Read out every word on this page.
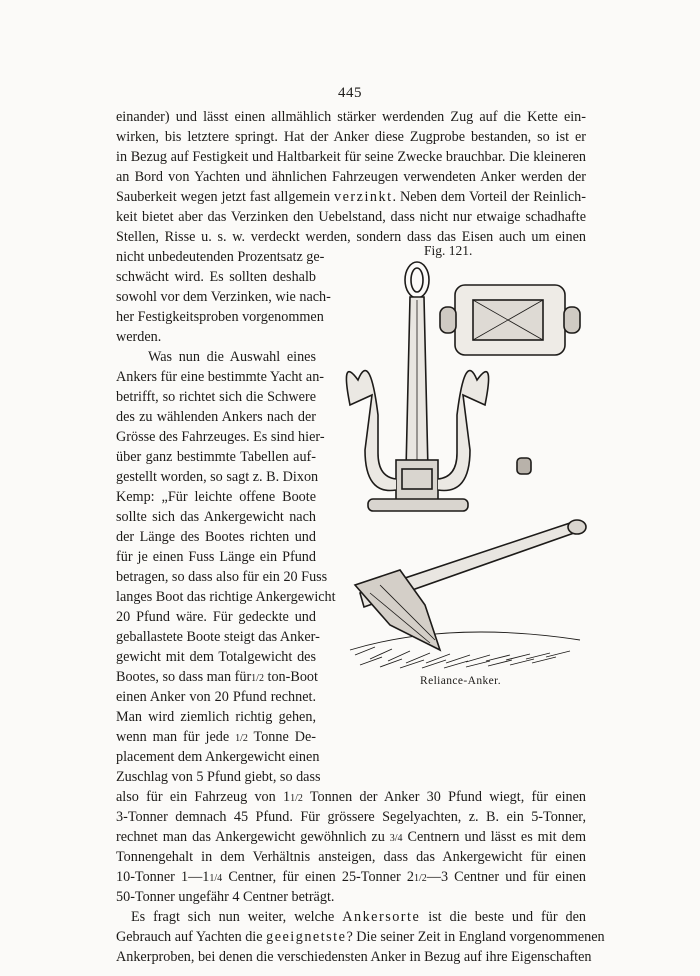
445
einander) und lässt einen allmählich stärker werdenden Zug auf die Kette ein-
wirken, bis letztere springt. Hat der Anker diese Zugprobe bestanden, so ist er
in Bezug auf Festigkeit und Haltbarkeit für seine Zwecke brauchbar. Die kleineren
an Bord von Yachten und ähnlichen Fahrzeugen verwendeten Anker werden der
Sauberkeit wegen jetzt fast allgemein verzinkt. Neben dem Vorteil der Reinlich-
keit bietet aber das Verzinken den Uebelstand, dass nicht nur etwaige schadhafte
Stellen, Risse u. s. w. verdeckt werden, sondern dass das Eisen auch um einen
nicht unbedeutenden Prozentsatz ge-
schwächt wird. Es sollten deshalb
sowohl vor dem Verzinken, wie nach-
her Festigkeitsproben vorgenommen
werden.
Was nun die Auswahl eines
Ankers für eine bestimmte Yacht an-
betrifft, so richtet sich die Schwere
des zu wählenden Ankers nach der
Grösse des Fahrzeuges. Es sind hier-
über ganz bestimmte Tabellen auf-
gestellt worden, so sagt z. B. Dixon
Kemp: „Für leichte offene Boote
sollte sich das Ankergewicht nach
der Länge des Bootes richten und
für je einen Fuss Länge ein Pfund
betragen, so dass also für ein 20 Fuss
langes Boot das richtige Ankergewicht
20 Pfund wäre. Für gedeckte und
geballastete Boote steigt das Anker-
gewicht mit dem Totalgewicht des
Bootes, so dass man für1/2 ton-Boot
einen Anker von 20 Pfund rechnet.
Man wird ziemlich richtig gehen,
wenn man für jede 1/2 Tonne De-
placement dem Ankergewicht einen
Zuschlag von 5 Pfund giebt, so dass
Fig. 121.
Reliance-Anker.
also für ein Fahrzeug von 11/2 Tonnen der Anker 30 Pfund wiegt, für einen
3-Tonner demnach 45 Pfund. Für grössere Segelyachten, z. B. ein 5-Tonner,
rechnet man das Ankergewicht gewöhnlich zu 3/4 Centnern und lässt es mit dem
Tonnengehalt in dem Verhältnis ansteigen, dass das Ankergewicht für einen
10-Tonner 1—11/4 Centner, für einen 25-Tonner 21/2—3 Centner und für einen
50-Tonner ungefähr 4 Centner beträgt.
Es fragt sich nun weiter, welche Ankersorte ist die beste und für den
Gebrauch auf Yachten die geeignetste? Die seiner Zeit in England vorgenommenen
Ankerproben, bei denen die verschiedensten Anker in Bezug auf ihre Eigenschaften
